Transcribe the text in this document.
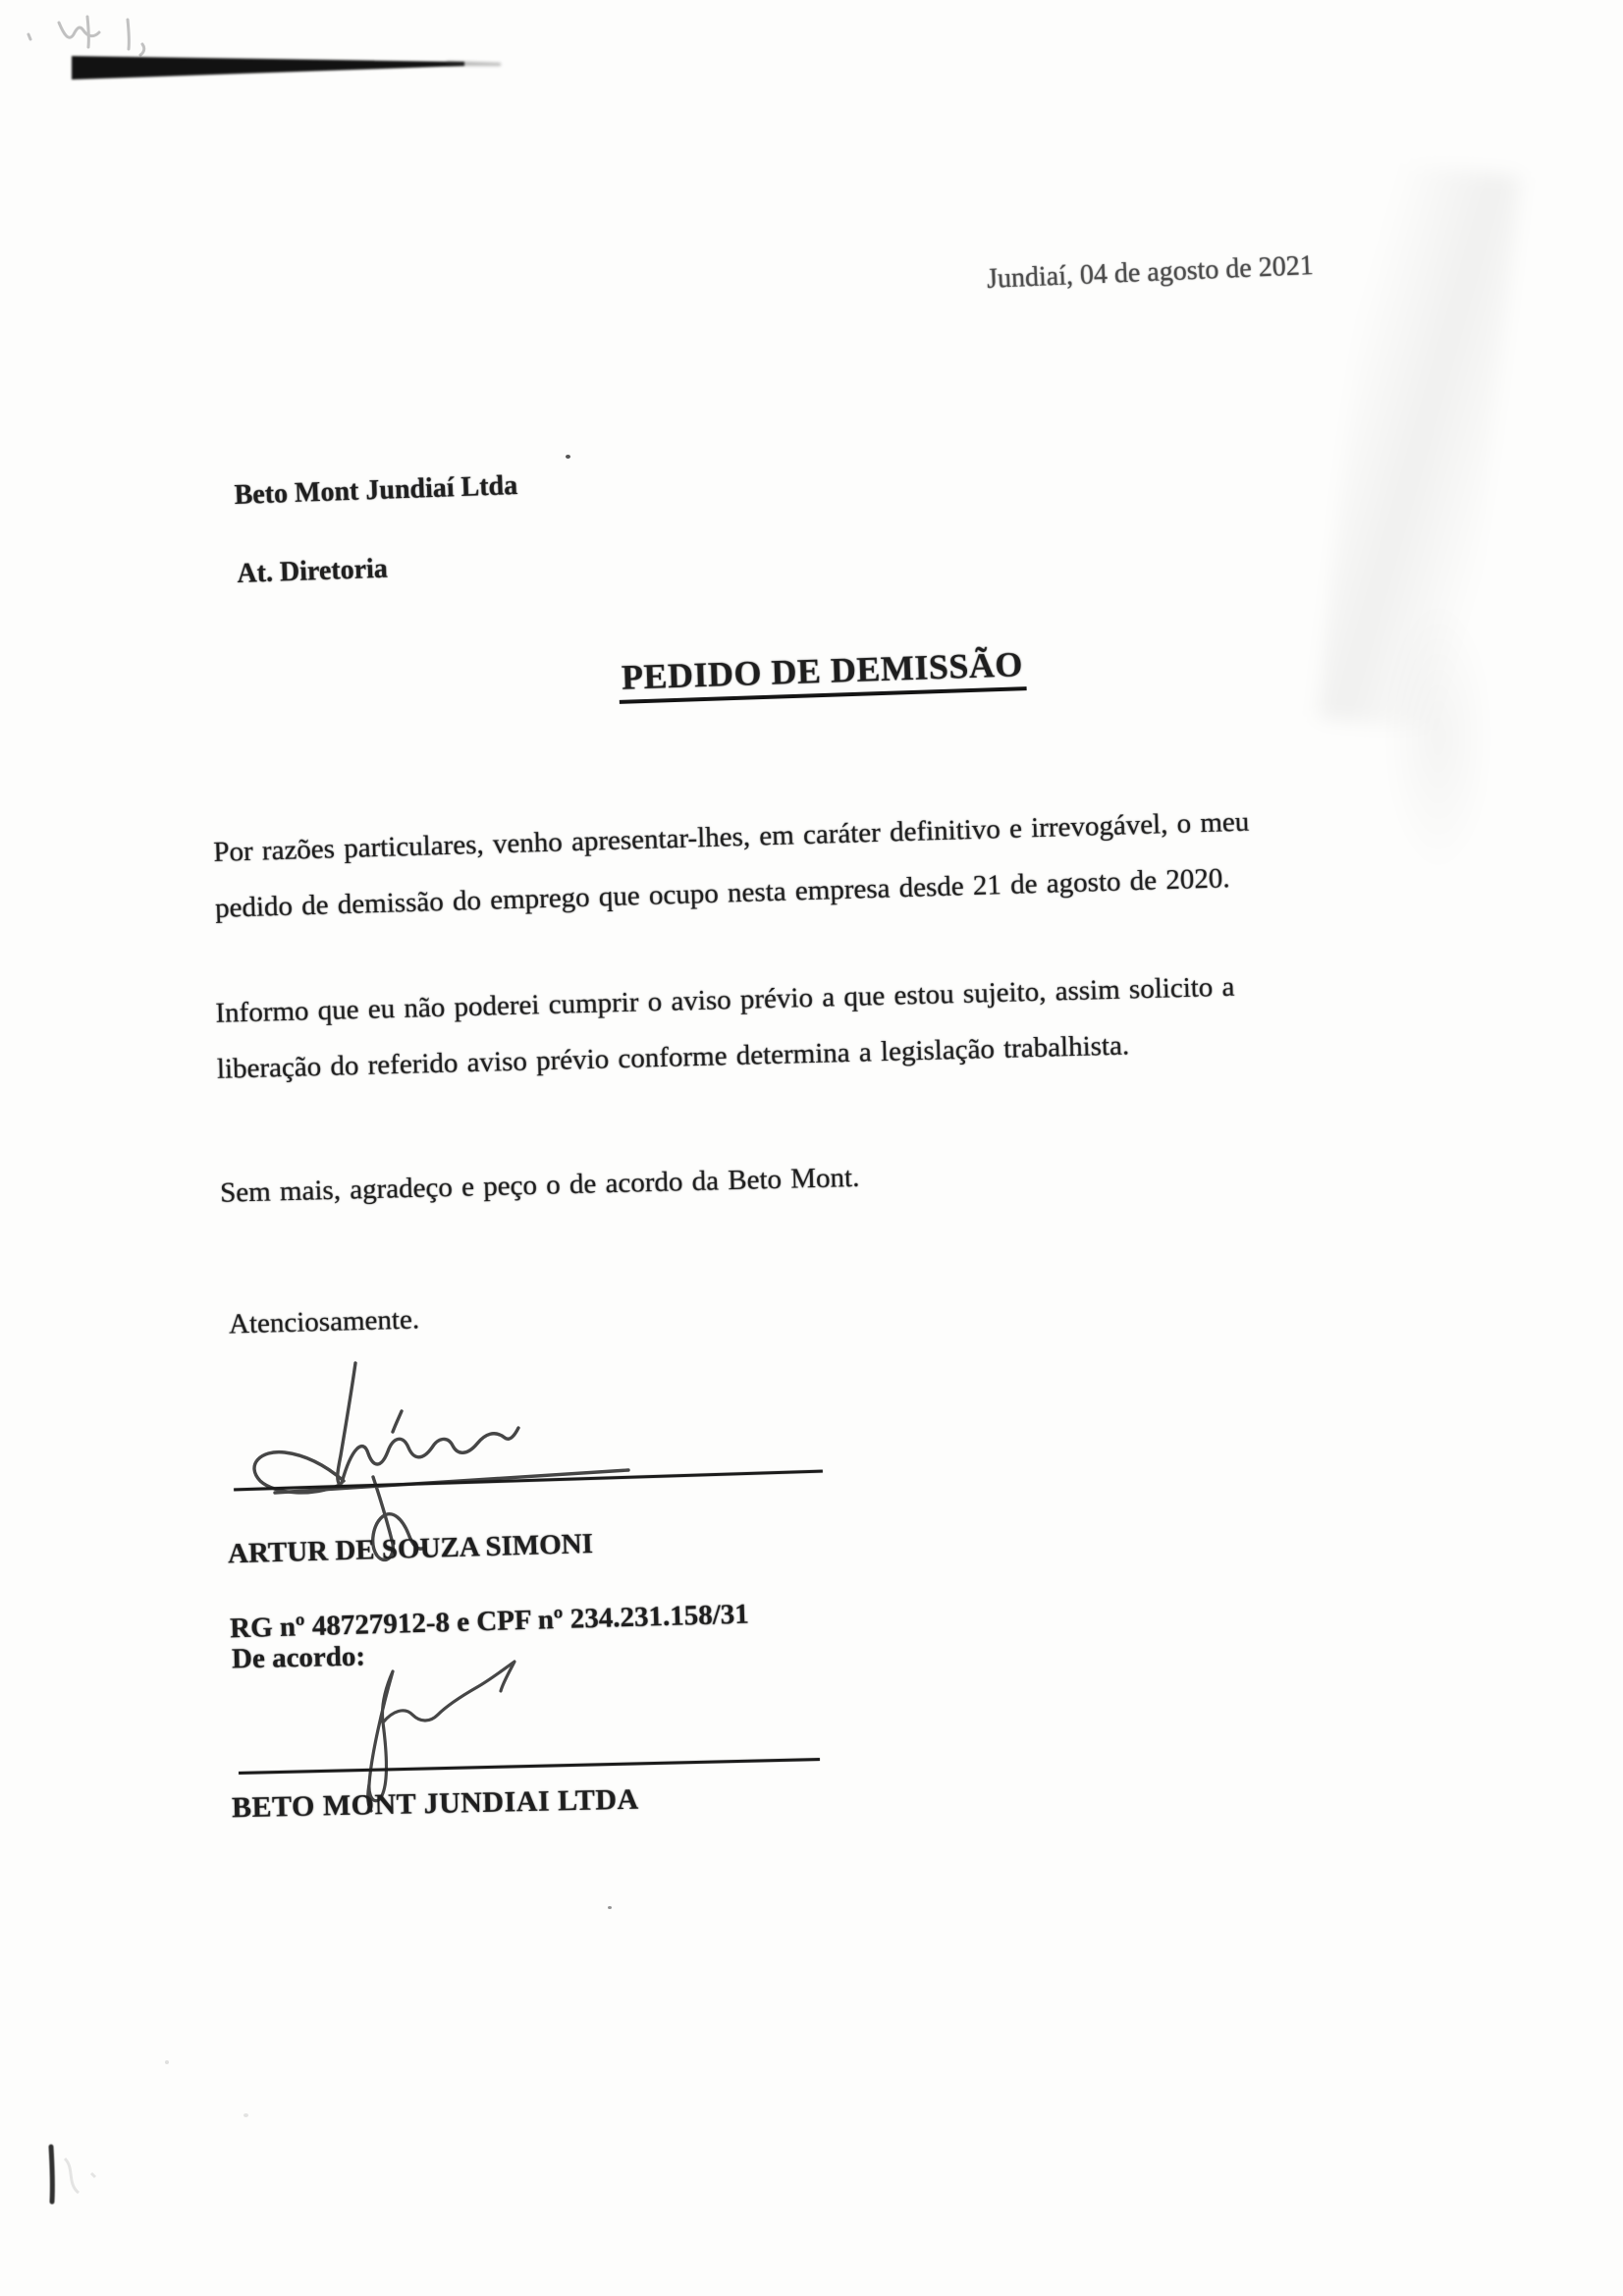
Jundiaí, 04 de agosto de 2021

Beto Mont Jundiaí Ltda

At. Diretoria

PEDIDO DE DEMISSÃO
Por razões particulares, venho apresentar-lhes, em caráter definitivo e irrevogável, o meu
pedido de demissão do emprego que ocupo nesta empresa desde 21 de agosto de 2020.
Informo que eu não poderei cumprir o aviso prévio a que estou sujeito, assim solicito a
liberação do referido aviso prévio conforme determina a legislação trabalhista.
Sem mais, agradeço e peço o de acordo da Beto Mont.
Atenciosamente.

ARTUR DE SOUZA SIMONI

RG nº 48727912-8 e CPF nº 234.231.158/31

De acordo:
BETO MONT JUNDIAI LTDA
